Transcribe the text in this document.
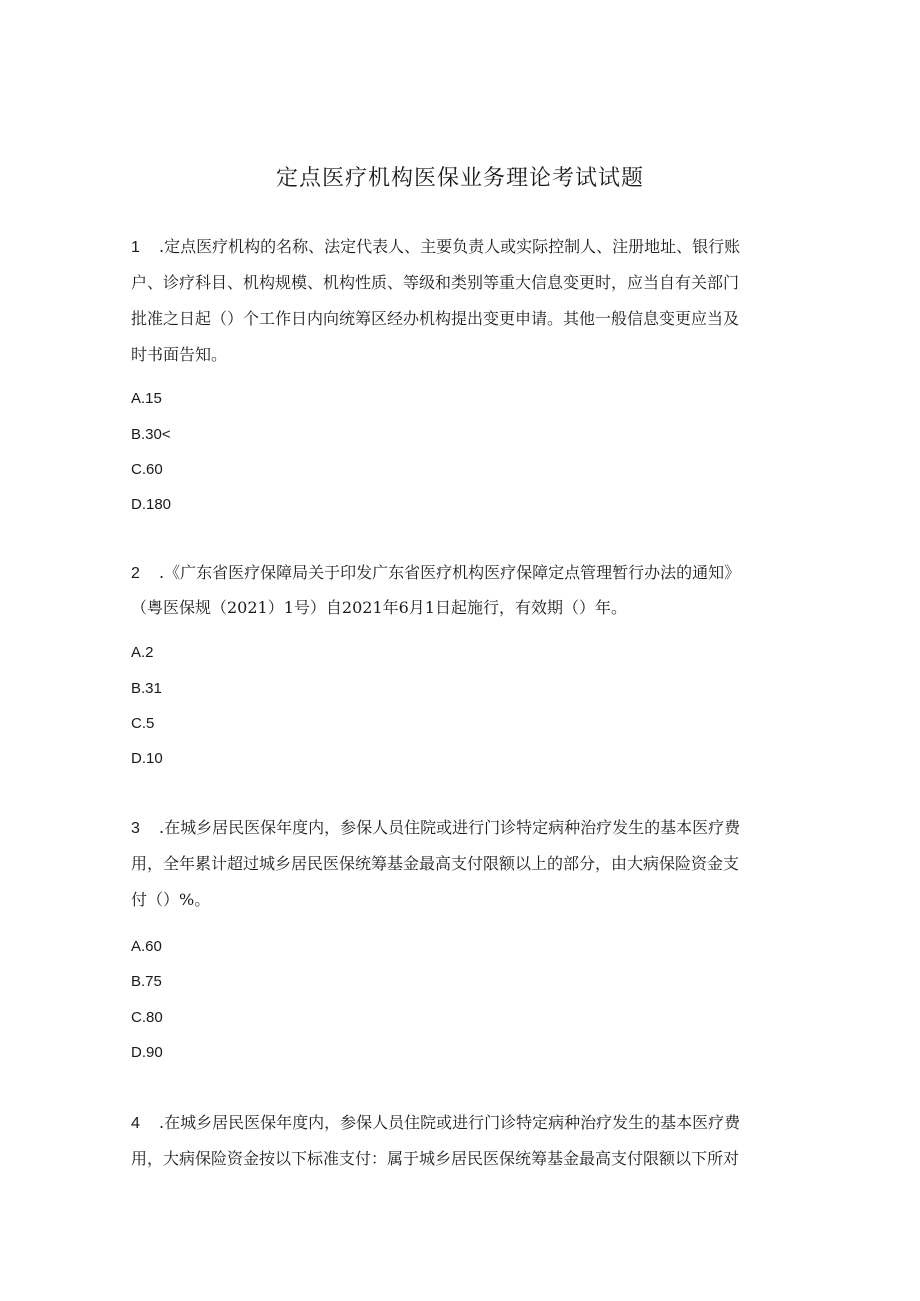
定点医疗机构医保业务理论考试试题
1 .定点医疗机构的名称、法定代表人、主要负责人或实际控制人、注册地址、银行账
户、诊疗科目、机构规模、机构性质、等级和类别等重大信息变更时，应当自有关部门
批准之日起（）个工作日内向统筹区经办机构提出变更申请。其他一般信息变更应当及
时书面告知。
A.15
B.30<
C.60
D.180
2 .《广东省医疗保障局关于印发广东省医疗机构医疗保障定点管理暂行办法的通知》
（粤医保规（2021）1号）自2021年6月1日起施行，有效期（）年。
A.2
B.31
C.5
D.10
3 .在城乡居民医保年度内，参保人员住院或进行门诊特定病种治疗发生的基本医疗费
用，全年累计超过城乡居民医保统筹基金最高支付限额以上的部分，由大病保险资金支
付（）%。
A.60
B.75
C.80
D.90
4 .在城乡居民医保年度内，参保人员住院或进行门诊特定病种治疗发生的基本医疗费
用，大病保险资金按以下标准支付：属于城乡居民医保统筹基金最高支付限额以下所对
